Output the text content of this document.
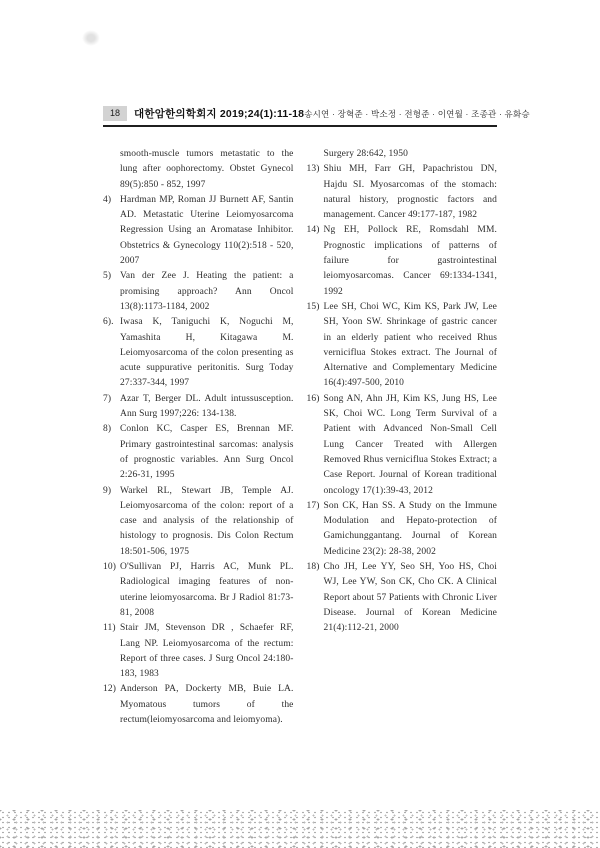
18	대한암한의학회지 2019;24(1):11-18 송시연 · 장혁준 · 박소정 · 전형준 · 이연월 · 조종관 · 유화승
smooth-muscle tumors metastatic to the lung after oophorectomy. Obstet Gynecol 89(5):850 - 852, 1997
4) Hardman MP, Roman JJ Burnett AF, Santin AD. Metastatic Uterine Leiomyosarcoma Regression Using an Aromatase Inhibitor. Obstetrics & Gynecology 110(2):518 - 520, 2007
5) Van der Zee J. Heating the patient: a promising approach? Ann Oncol 13(8):1173-1184, 2002
6). Iwasa K, Taniguchi K, Noguchi M, Yamashita H, Kitagawa M. Leiomyosarcoma of the colon presenting as acute suppurative peritonitis. Surg Today 27:337-344, 1997
7) Azar T, Berger DL. Adult intussusception. Ann Surg 1997;226: 134-138.
8) Conlon KC, Casper ES, Brennan MF. Primary gastrointestinal sarcomas: analysis of prognostic variables. Ann Surg Oncol 2:26-31, 1995
9) Warkel RL, Stewart JB, Temple AJ. Leiomyosarcoma of the colon: report of a case and analysis of the relationship of histology to prognosis. Dis Colon Rectum 18:501-506, 1975
10) O'Sullivan PJ, Harris AC, Munk PL. Radiological imaging features of non-uterine leiomyosarcoma. Br J Radiol 81:73-81, 2008
11) Stair JM, Stevenson DR , Schaefer RF, Lang NP. Leiomyosarcoma of the rectum: Report of three cases. J Surg Oncol 24:180-183, 1983
12) Anderson PA, Dockerty MB, Buie LA. Myomatous tumors of the rectum(leiomyosarcoma and leiomyoma).
Surgery 28:642, 1950
13) Shiu MH, Farr GH, Papachristou DN, Hajdu SI. Myosarcomas of the stomach: natural history, prognostic factors and management. Cancer 49:177-187, 1982
14) Ng EH, Pollock RE, Romsdahl MM. Prognostic implications of patterns of failure for gastrointestinal leiomyosarcomas. Cancer 69:1334-1341, 1992
15) Lee SH, Choi WC, Kim KS, Park JW, Lee SH, Yoon SW. Shrinkage of gastric cancer in an elderly patient who received Rhus verniciflua Stokes extract. The Journal of Alternative and Complementary Medicine 16(4):497-500, 2010
16) Song AN, Ahn JH, Kim KS, Jung HS, Lee SK, Choi WC. Long Term Survival of a Patient with Advanced Non-Small Cell Lung Cancer Treated with Allergen Removed Rhus verniciflua Stokes Extract; a Case Report. Journal of Korean traditional oncology 17(1):39-43, 2012
17) Son CK, Han SS. A Study on the Immune Modulation and Hepato-protection of Gamichunggantang. Journal of Korean Medicine 23(2): 28-38, 2002
18) Cho JH, Lee YY, Seo SH, Yoo HS, Choi WJ, Lee YW, Son CK, Cho CK. A Clinical Report about 57 Patients with Chronic Liver Disease. Journal of Korean Medicine 21(4):112-21, 2000
